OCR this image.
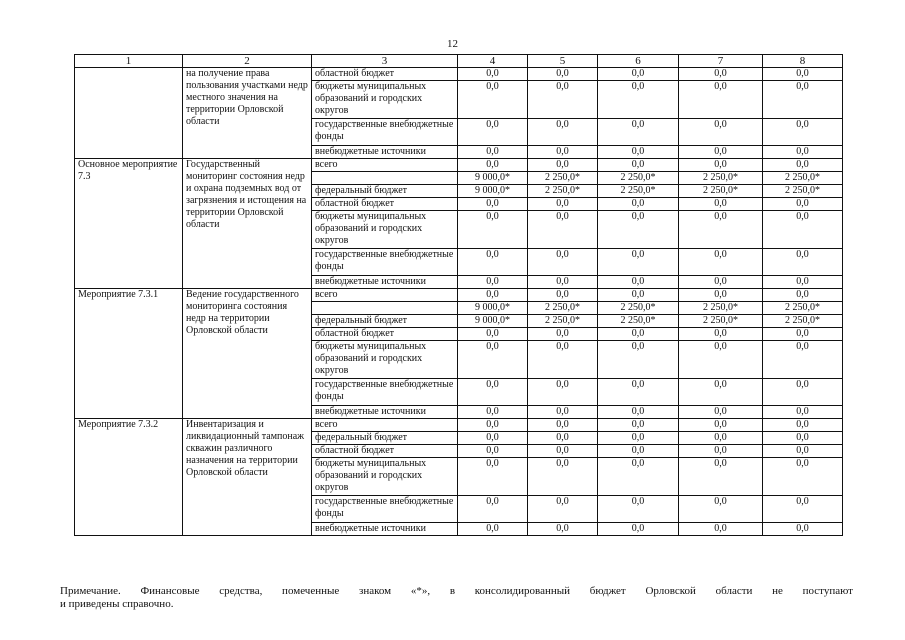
12
1	2	3	4	5	6	7	8
	на получение права пользования участками недр местного значения на территории Орловской области	областной бюджет	0,0	0,0	0,0	0,0	0,0
		бюджеты муниципальных образований и городских округов	0,0	0,0	0,0	0,0	0,0
		государственные внебюджетные фонды	0,0	0,0	0,0	0,0	0,0
		внебюджетные источники	0,0	0,0	0,0	0,0	0,0
Основное мероприятие 7.3	Государственный мониторинг состояния недр и охрана подземных вод от загрязнения и истощения на территории Орловской области	всего	0,0	0,0	0,0	0,0	0,0
			9 000,0*	2 250,0*	2 250,0*	2 250,0*	2 250,0*
		федеральный бюджет	9 000,0*	2 250,0*	2 250,0*	2 250,0*	2 250,0*
		областной бюджет	0,0	0,0	0,0	0,0	0,0
		бюджеты муниципальных образований и городских округов	0,0	0,0	0,0	0,0	0,0
		государственные внебюджетные фонды	0,0	0,0	0,0	0,0	0,0
		внебюджетные источники	0,0	0,0	0,0	0,0	0,0
Мероприятие 7.3.1	Ведение государственного мониторинга состояния недр на территории Орловской области	всего	0,0	0,0	0,0	0,0	0,0
			9 000,0*	2 250,0*	2 250,0*	2 250,0*	2 250,0*
		федеральный бюджет	9 000,0*	2 250,0*	2 250,0*	2 250,0*	2 250,0*
		областной бюджет	0,0	0,0	0,0	0,0	0,0
		бюджеты муниципальных образований и городских округов	0,0	0,0	0,0	0,0	0,0
		государственные внебюджетные фонды	0,0	0,0	0,0	0,0	0,0
		внебюджетные источники	0,0	0,0	0,0	0,0	0,0
Мероприятие 7.3.2	Инвентаризация и ликвидационный тампонаж скважин различного назначения на территории Орловской области	всего	0,0	0,0	0,0	0,0	0,0
		федеральный бюджет	0,0	0,0	0,0	0,0	0,0
		областной бюджет	0,0	0,0	0,0	0,0	0,0
		бюджеты муниципальных образований и городских округов	0,0	0,0	0,0	0,0	0,0
		государственные внебюджетные фонды	0,0	0,0	0,0	0,0	0,0
		внебюджетные источники	0,0	0,0	0,0	0,0	0,0
Примечание. Финансовые средства, помеченные знаком «*», в консолидированный бюджет Орловской области не поступают
и приведены справочно.
